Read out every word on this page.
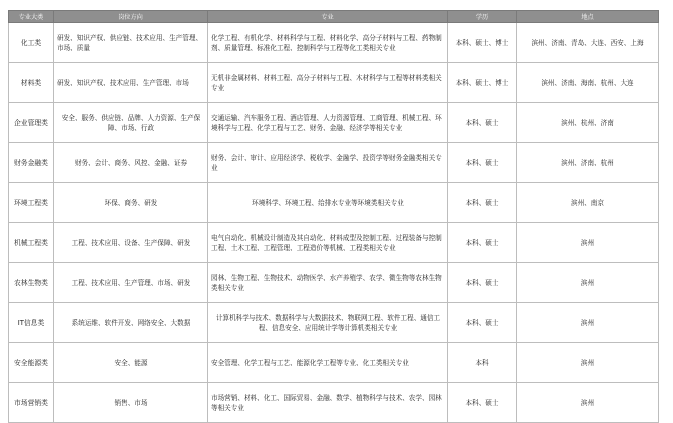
专业大类	岗位方向	专业	学历	地点
化工类	研发、知识产权、供应链、技术应用、生产管理、市场、质量	化学工程、有机化学、材料科学与工程、材料化学、高分子材料与工程、药物制剂、质量管理、标准化工程、控制科学与工程等化工类相关专业	本科、硕士、博士	滨州、济南、青岛、大连、西安、上海
材料类	研发、知识产权、技术应用、生产管理、市场	无机非金属材料、材料工程、高分子材料与工程、木材科学与工程等材料类相关专业	本科、硕士、博士	滨州、济南、海南、杭州、大连
企业管理类	安全、服务、供应链、品牌、人力资源、生产保障、市场、行政	交通运输、汽车服务工程、酒店管理、人力资源管理、工商管理、机械工程、环境科学与工程、化学工程与工艺、财务、金融、经济学等相关专业	本科、硕士	滨州、杭州、济南
财务金融类	财务、会计、商务、风控、金融、证券	财务、会计、审计、应用经济学、税收学、金融学、投资学等财务金融类相关专业	本科、硕士	滨州、济南、杭州
环境工程类	环保、商务、研发	环境科学、环境工程、给排水专业等环境类相关专业	本科、硕士	滨州、南京
机械工程类	工程、技术应用、设备、生产保障、研发	电气自动化、机械设计制造及其自动化、材料成型及控制工程、过程装备与控制工程、土木工程、工程管理、工程造价等机械、工程类相关专业	本科、硕士	滨州
农林生物类	工程、技术应用、生产管理、市场、研发	园林、生物工程、生物技术、动物医学、水产养殖学、农学、微生物等农林生物类相关专业	本科、硕士	滨州
IT信息类	系统运维、软件开发、网络安全、大数据	计算机科学与技术、数据科学与大数据技术、物联网工程、软件工程、通信工程、信息安全、应用统计学等计算机类相关专业	本科、硕士	滨州
安全能源类	安全、能源	安全管理、化学工程与工艺、能源化学工程等专业、化工类相关专业	本科	滨州
市场营销类	销售、市场	市场营销、材料、化工、国际贸易、金融、数学、植物科学与技术、农学、园林等相关专业	本科、硕士	滨州
